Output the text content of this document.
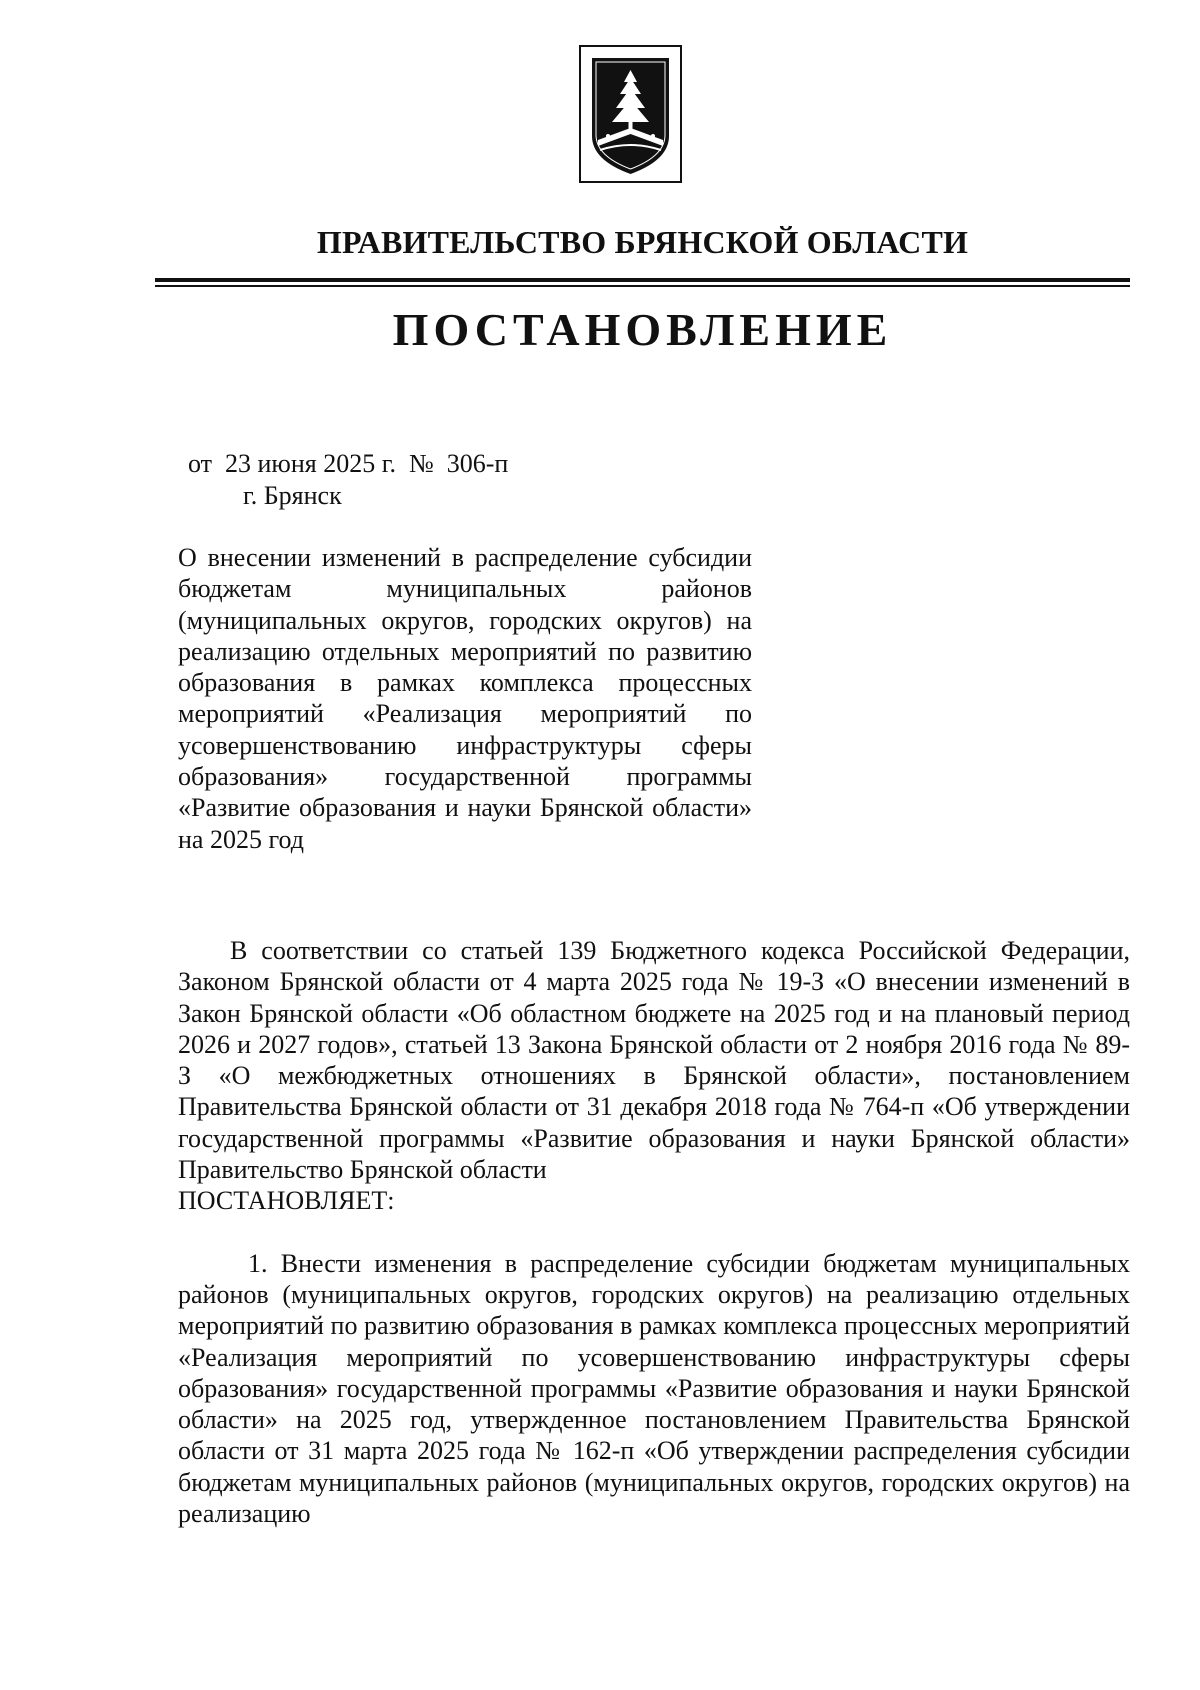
ПРАВИТЕЛЬСТВО БРЯНСКОЙ ОБЛАСТИ
ПОСТАНОВЛЕНИЕ
от  23 июня 2025 г.  №  306-п
г. Брянск
О внесении изменений в распределение субсидии бюджетам муниципальных районов (муниципальных округов, городских округов) на реализацию отдельных мероприятий по развитию образования в рамках комплекса процессных мероприятий «Реализация мероприятий по усовершенствованию инфраструктуры сферы образования» государственной программы «Развитие образования и науки Брянской области» на 2025 год

В соответствии со статьей 139 Бюджетного кодекса Российской Федерации, Законом Брянской области от 4 марта 2025 года № 19-З «О внесении изменений в Закон Брянской области «Об областном бюджете на 2025 год и на плановый период 2026 и 2027 годов», статьей 13 Закона Брянской области от 2 ноября 2016 года № 89-З «О межбюджетных отношениях в Брянской области», постановлением Правительства Брянской области от 31 декабря 2018 года № 764-п «Об утверждении государственной программы «Развитие образования и науки Брянской области» Правительство Брянской области

ПОСТАНОВЛЯЕТ:

1. Внести изменения в распределение субсидии бюджетам муниципальных районов (муниципальных округов, городских округов) на реализацию отдельных мероприятий по развитию образования в рамках комплекса процессных мероприятий «Реализация мероприятий по усовершенствованию инфраструктуры сферы образования» государственной программы «Развитие образования и науки Брянской области» на 2025 год, утвержденное постановлением Правительства Брянской области от 31 марта 2025 года № 162-п «Об утверждении распределения субсидии бюджетам муниципальных районов (муниципальных округов, городских округов) на реализацию
